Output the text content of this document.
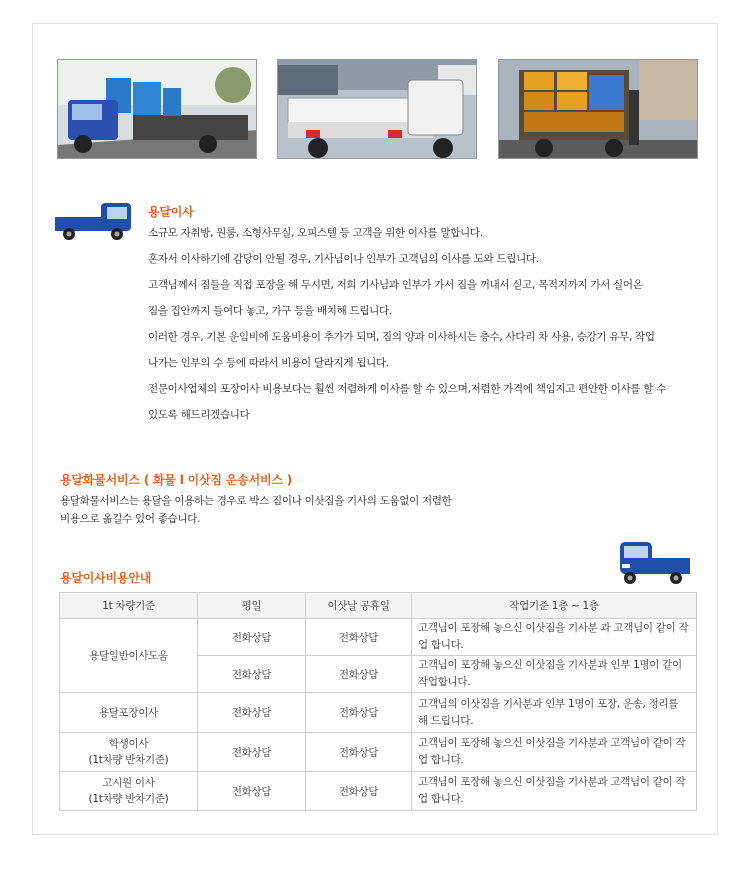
용달이사
소규모 자취방, 원룸, 소형사무실, 오피스텔 등 고객을 위한 이사를 말합니다.
혼자서 이사하기에 감당이 안될 경우, 기사님이나 인부가 고객님의 이사를 도와 드립니다.
고객님께서 짐들을 직접 포장을 해 두시면, 저희 기사님과 인부가 가서 짐을 꺼내서 싣고, 목적지까지 가서 실어온
짐을 집안까지 들여다 놓고, 가구 등을 배치해 드립니다.
이러한 경우, 기본 운임비에 도움비용이 추가가 되며, 짐의 양과 이사하시는 층수, 사다리 차 사용, 승강기 유무, 작업
나가는 인부의 수 등에 따라서 비용이 달라지게 됩니다.
전문이사업체의 포장이사 비용보다는 훨씬 저렴하게 이사를 할 수 있으며,저렴한 가격에 책임지고 편안한 이사를 할 수
있도록 해드리겠습니다
용달화물서비스 ( 화물 l 이삿짐 운송서비스 )
용달화물서비스는 용달을 이용하는 경우로 박스 짐이나 이삿짐을 기사의 도움없이 저렴한
비용으로 옮길수 있어 좋습니다.
용달이사비용안내
1t 차량기준	평일	이삿날 공휴일	작업기준 1층 ~ 1층
용달일반이사도움	전화상담	전화상담	고객님이 포장해 놓으신 이삿짐을 기사분 과 고객님이 같이 작업 합니다.
	전화상담	전화상담	고객님이 포장해 놓으신 이삿짐을 기사분과 인부 1명이 같이 작업합니다.
용달포장이사	전화상담	전화상담	고객님의 이삿짐을 기사분과 인부 1명이 포장, 운송, 정리를 해 드립니다.

학생이사
(1t차량 반차기준)	전화상담	전화상담	고객님이 포장해 놓으신 이삿짐을 기사분과 고객님이 같이 작업 합니다.

고시원 이사
(1t차량 반차기준)	전화상담	전화상담	고객님이 포장해 놓으신 이삿짐을 기사분과 고객님이 같이 작업 합니다.
